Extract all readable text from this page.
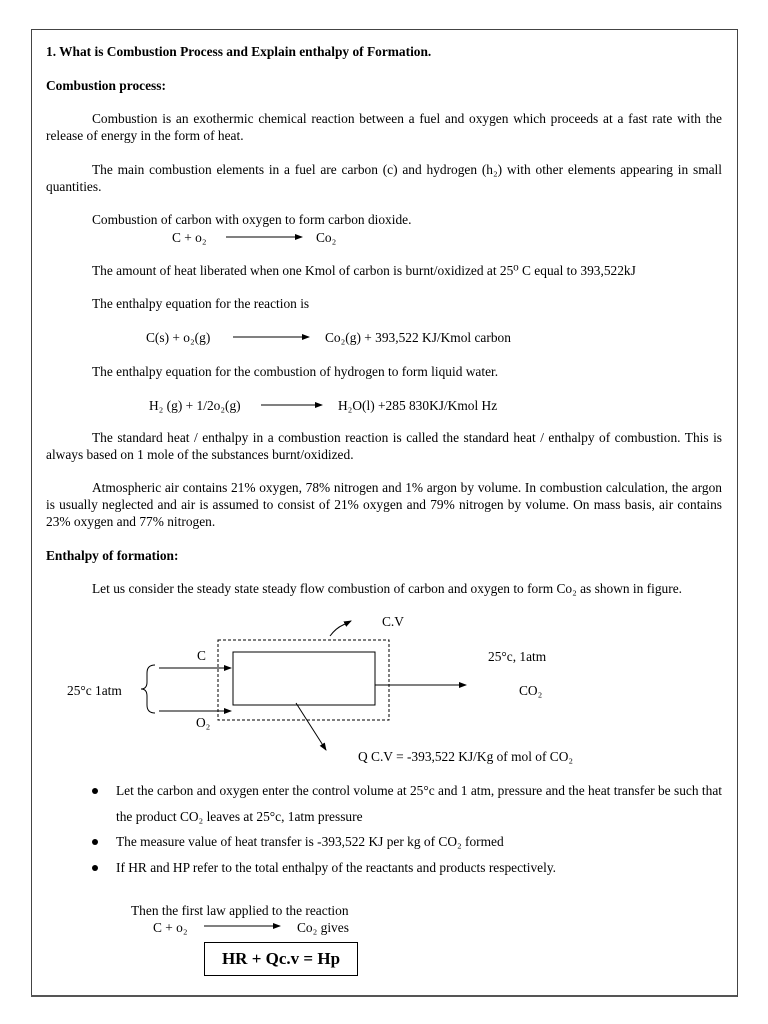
1. What is Combustion Process and Explain enthalpy of Formation.
Combustion process:
Combustion is an exothermic chemical reaction between a fuel and oxygen which proceeds at a fast rate with the release of energy in the form of heat.
The main combustion elements in a fuel are carbon (c) and hydrogen (h₂) with other elements appearing in small quantities.
Combustion of carbon with oxygen to form carbon dioxide.
C + o₂	Co₂
The amount of heat liberated when one Kmol of carbon is burnt/oxidized at 25⁰ C equal to 393,522kJ
The enthalpy equation for the reaction is
C(s) + o₂(g)	Co₂(g) + 393,522 KJ/Kmol carbon
The enthalpy equation for the combustion of hydrogen to form liquid water.
H₂ (g) + 1/2o₂(g)	H₂O(l) +285 830KJ/Kmol Hz
The standard heat / enthalpy in a combustion reaction is called the standard heat / enthalpy of combustion. This is always based on 1 mole of the substances burnt/oxidized.
Atmospheric air contains 21% oxygen, 78% nitrogen and 1% argon by volume. In combustion calculation, the argon is usually neglected and air is assumed to consist of 21% oxygen and 79% nitrogen by volume. On mass basis, air contains 23% oxygen and 77% nitrogen.
Enthalpy of formation:
Let us consider the steady state steady flow combustion of carbon and oxygen to form Co₂ as shown in figure.
C.V
C
O₂
25°c 1atm
25°c, 1atm
CO₂
Q C.V = -393,522 KJ/Kg of mol of CO₂
Let the carbon and oxygen enter the control volume at 25°c and 1 atm, pressure and the heat transfer be such that the product CO₂ leaves at 25°c, 1atm pressure
The measure value of heat transfer is -393,522 KJ per kg of CO₂ formed
If HR and HP refer to the total enthalpy of the reactants and products respectively.
Then the first law applied to the reaction
C + o₂	Co₂ gives
HR + Qc.v = Hp
